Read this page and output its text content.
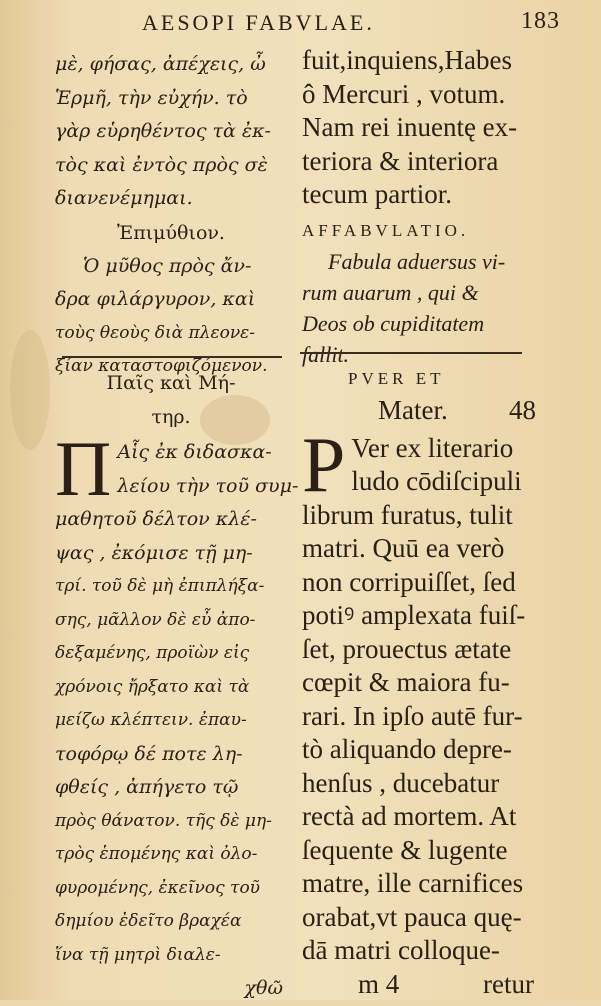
AESOPI FABVLAE.	183
μὲ, φήσας, ἀπέχεις, ὦ
Ἑρμῆ, τὴν εὐχήν. τὸ
γὰρ εὑρηθέντος τὰ ἐκ-
τὸς καὶ ἐντὸς πρὸς σὲ
διανενέμημαι.
Ἐπιμύθιον.
Ὁ μῦθος πρὸς ἄν-
δρα φιλάργυρον, καὶ
τοὺς θεοὺς διὰ πλεονε-
ξίαν καταστοφιζόμενον.
fuit,inquiens,Habes
ô Mercuri , votum.
Nam rei inuentę ex-
teriora & interiora
tecum partior.
AFFABVLATIO.
Fabula aduersus vi-
rum auarum , qui &
Deos ob cupiditatem
fallit.
Παῖς καὶ Μή-
τηρ.
Π Αἷς ἐκ διδασκα-
λείου τὴν τοῦ συμ-
μαθητοῦ δέλτον κλέ-
ψας , ἐκόμισε τῇ μη-
τρί. τοῦ δὲ μὴ ἐπιπλήξα-
σης, μᾶλλον δὲ εὖ ἀπο-
δεξαμένης, προϊὼν εἰς
χρόνοις ἤρξατο καὶ τὰ
μείζω κλέπτειν. ἐπαυ-
τοφόρῳ δέ ποτε λη-
φθείς , ἀπήγετο τῷ
πρὸς θάνατον. τῆς δὲ μη-
τρὸς ἑπομένης καὶ ὀλο-
φυρομένης, ἐκεῖνος τοῦ
δημίου ἐδεῖτο βραχέα
ἵνα τῇ μητρὶ διαλε-
χθῶ
PVER ET
Mater. 48
P Ver ex literario
ludo cōdiſcipuli
librum furatus, tulit
matri. Quū ea verò
non corripuiſſet, ſed
potiꝰ amplexata fuiſ-
ſet, prouectus ætate
cœpit & maiora fu-
rari. In ipſo autē fur-
tò aliquando depre-
henſus , ducebatur
rectà ad mortem. At
ſequente & lugente
matre, ille carnifices
orabat,vt pauca quę-
dā matri colloque-
m 4	retur
